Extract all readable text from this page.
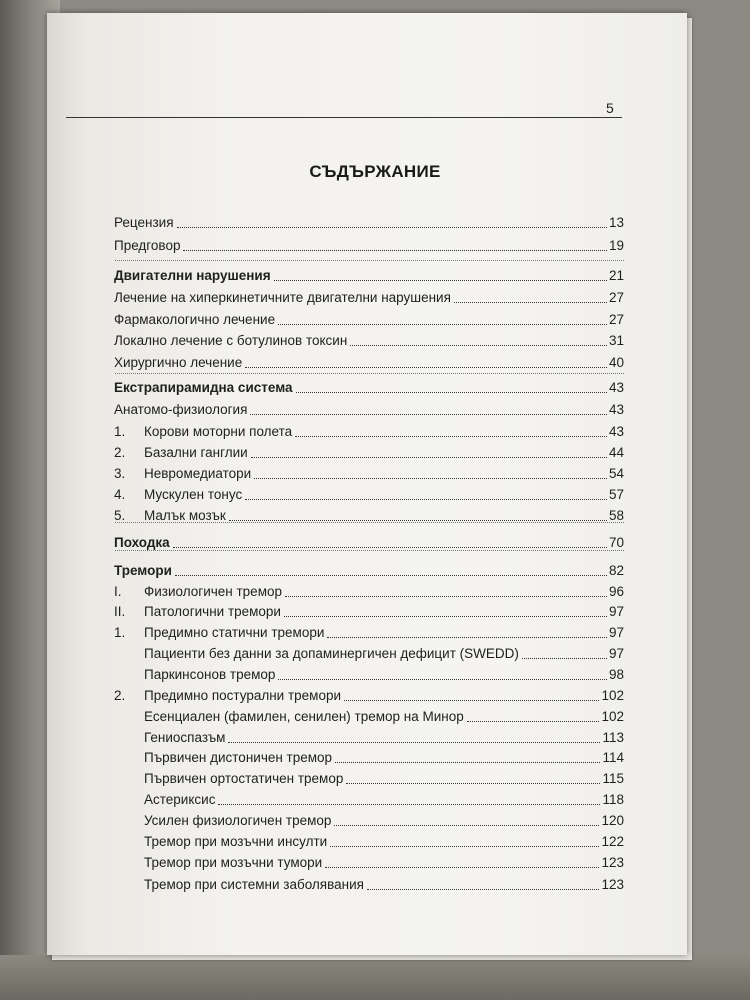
5
СЪДЪРЖАНИЕ
Рецензия	13
Предговор	19
Двигателни нарушения	21
Лечение на хиперкинетичните двигателни нарушения	27
Фармакологично лечение	27
Локално лечение с ботулинов токсин	31
Хирургично лечение	40
Екстрапирамидна система	43
Анатомо-физиология	43
1. Корови моторни полета	43
2. Базални ганглии	44
3. Невромедиатори	54
4. Мускулен тонус	57
5. Малък мозък	58
Походка	70
Тремори	82
I. Физиологичен тремор	96
II. Патологични тремори	97
1. Предимно статични тремори	97
Пациенти без данни за допаминергичен дефицит (SWEDD)	97
Паркинсонов тремор	98
2. Предимно постурални тремори	102
Есенциален (фамилен, сенилен) тремор на Минор	102
Гениоспазъм	113
Първичен дистоничен тремор	114
Първичен ортостатичен тремор	115
Астериксис	118
Усилен физиологичен тремор	120
Тремор при мозъчни инсулти	122
Тремор при мозъчни тумори	123
Тремор при системни заболявания	123
